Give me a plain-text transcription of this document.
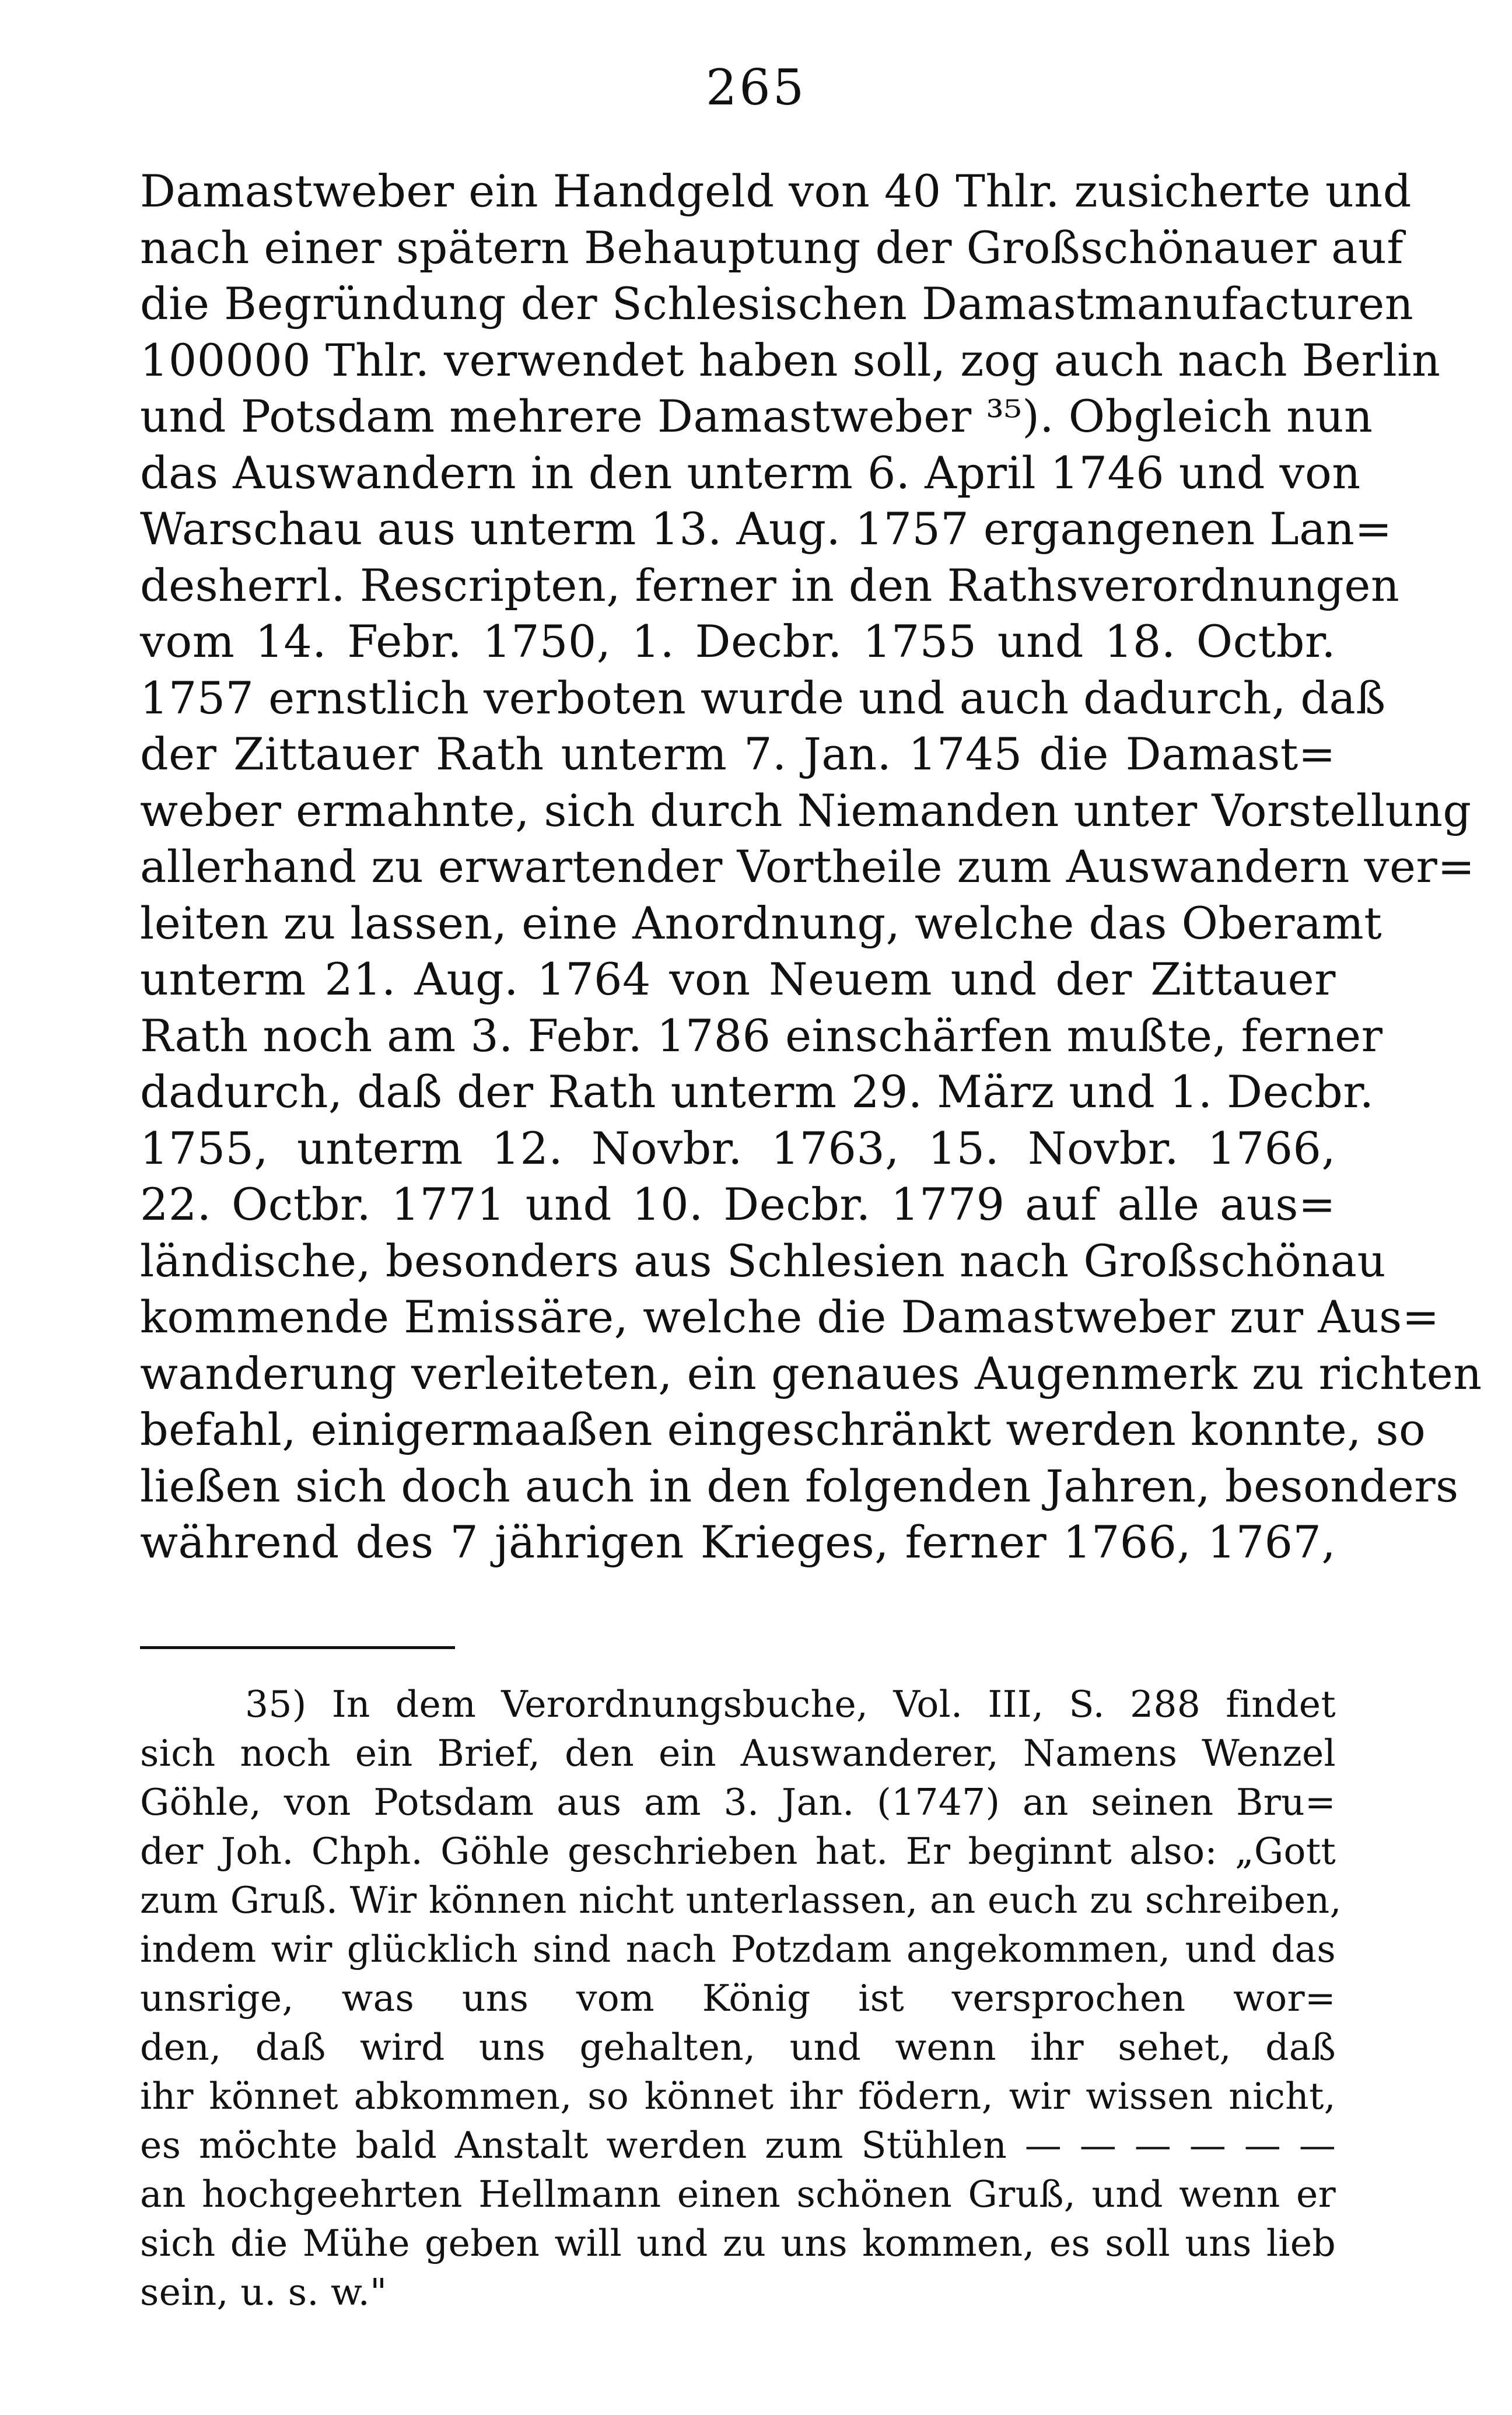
265
Damastweber ein Handgeld von 40 Thlr. zusicherte und
nach einer spätern Behauptung der Großschönauer auf
die Begründung der Schlesischen Damastmanufacturen
100000 Thlr. verwendet haben soll, zog auch nach Berlin
und Potsdam mehrere Damastweber ³⁵). Obgleich nun
das Auswandern in den unterm 6. April 1746 und von
Warschau aus unterm 13. Aug. 1757 ergangenen Lan=
desherrl. Rescripten, ferner in den Rathsverordnungen
vom 14. Febr. 1750, 1. Decbr. 1755 und 18. Octbr.
1757 ernstlich verboten wurde und auch dadurch, daß
der Zittauer Rath unterm 7. Jan. 1745 die Damast=
weber ermahnte, sich durch Niemanden unter Vorstellung
allerhand zu erwartender Vortheile zum Auswandern ver=
leiten zu lassen, eine Anordnung, welche das Oberamt
unterm 21. Aug. 1764 von Neuem und der Zittauer
Rath noch am 3. Febr. 1786 einschärfen mußte, ferner
dadurch, daß der Rath unterm 29. März und 1. Decbr.
1755, unterm 12. Novbr. 1763, 15. Novbr. 1766,
22. Octbr. 1771 und 10. Decbr. 1779 auf alle aus=
ländische, besonders aus Schlesien nach Großschönau
kommende Emissäre, welche die Damastweber zur Aus=
wanderung verleiteten, ein genaues Augenmerk zu richten
befahl, einigermaaßen eingeschränkt werden konnte, so
ließen sich doch auch in den folgenden Jahren, besonders
während des 7 jährigen Krieges, ferner 1766, 1767,
35) In dem Verordnungsbuche, Vol. III, S. 288 findet
sich noch ein Brief, den ein Auswanderer, Namens Wenzel
Göhle, von Potsdam aus am 3. Jan. (1747) an seinen Bru=
der Joh. Chph. Göhle geschrieben hat. Er beginnt also: „Gott
zum Gruß. Wir können nicht unterlassen, an euch zu schreiben,
indem wir glücklich sind nach Potzdam angekommen, und das
unsrige, was uns vom König ist versprochen wor=
den, daß wird uns gehalten, und wenn ihr sehet, daß
ihr könnet abkommen, so könnet ihr födern, wir wissen nicht,
es möchte bald Anstalt werden zum Stühlen — — — — — —
an hochgeehrten Hellmann einen schönen Gruß, und wenn er
sich die Mühe geben will und zu uns kommen, es soll uns lieb
sein, u. s. w."
